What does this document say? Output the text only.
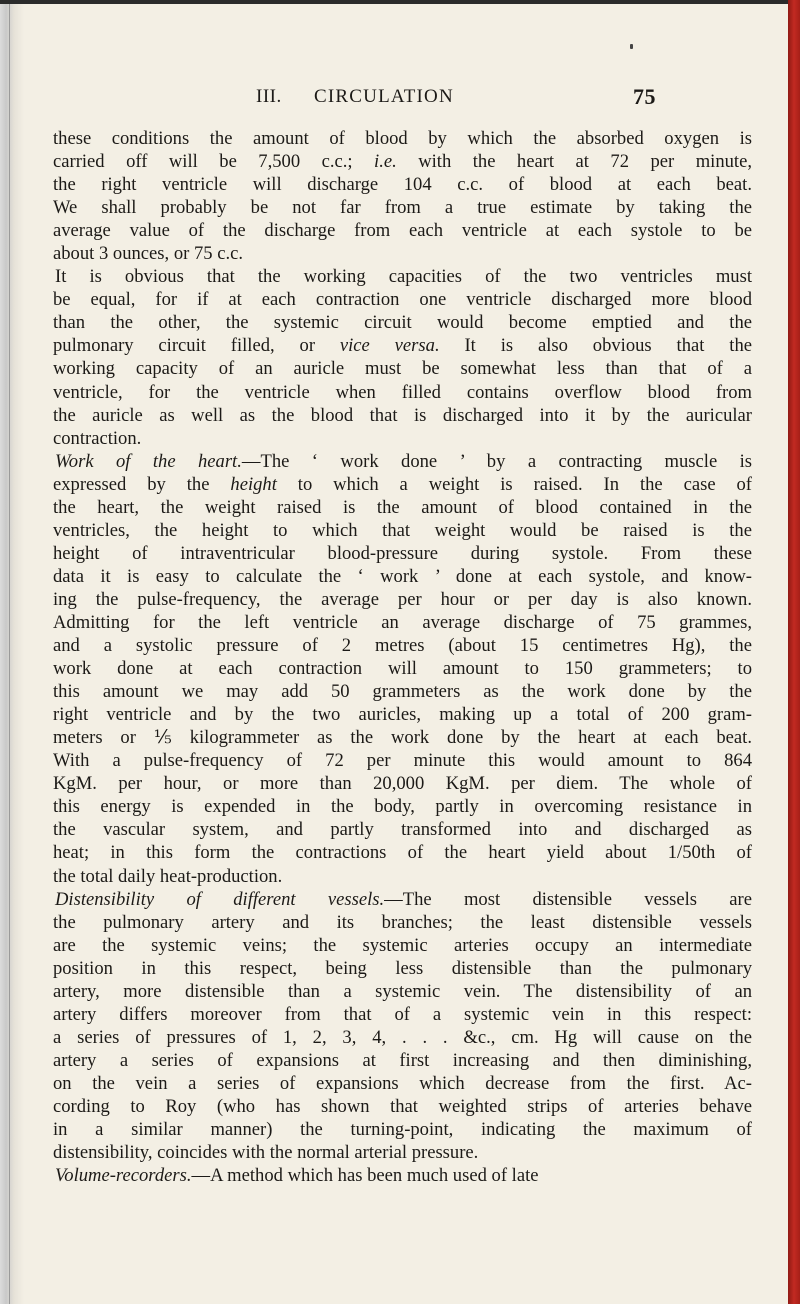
III. CIRCULATION	75
these conditions the amount of blood by which the absorbed oxygen is
carried off will be 7,500 c.c.; i.e. with the heart at 72 per minute,
the right ventricle will discharge 104 c.c. of blood at each beat.
We shall probably be not far from a true estimate by taking the
average value of the discharge from each ventricle at each systole to be
about 3 ounces, or 75 c.c.
It is obvious that the working capacities of the two ventricles must
be equal, for if at each contraction one ventricle discharged more blood
than the other, the systemic circuit would become emptied and the
pulmonary circuit filled, or vice versa. It is also obvious that the
working capacity of an auricle must be somewhat less than that of a
ventricle, for the ventricle when filled contains overflow blood from
the auricle as well as the blood that is discharged into it by the auricular
contraction.
Work of the heart.—The ‘ work done ’ by a contracting muscle is
expressed by the height to which a weight is raised. In the case of
the heart, the weight raised is the amount of blood contained in the
ventricles, the height to which that weight would be raised is the
height of intraventricular blood-pressure during systole. From these
data it is easy to calculate the ‘ work ’ done at each systole, and know-
ing the pulse-frequency, the average per hour or per day is also known.
Admitting for the left ventricle an average discharge of 75 grammes,
and a systolic pressure of 2 metres (about 15 centimetres Hg), the
work done at each contraction will amount to 150 grammeters; to
this amount we may add 50 grammeters as the work done by the
right ventricle and by the two auricles, making up a total of 200 gram-
meters or ⅕ kilogrammeter as the work done by the heart at each beat.
With a pulse-frequency of 72 per minute this would amount to 864
KgM. per hour, or more than 20,000 KgM. per diem. The whole of
this energy is expended in the body, partly in overcoming resistance in
the vascular system, and partly transformed into and discharged as
heat; in this form the contractions of the heart yield about 1/50th of
the total daily heat-production.
Distensibility of different vessels.—The most distensible vessels are
the pulmonary artery and its branches; the least distensible vessels
are the systemic veins; the systemic arteries occupy an intermediate
position in this respect, being less distensible than the pulmonary
artery, more distensible than a systemic vein. The distensibility of an
artery differs moreover from that of a systemic vein in this respect:
a series of pressures of 1, 2, 3, 4, . . . &c., cm. Hg will cause on the
artery a series of expansions at first increasing and then diminishing,
on the vein a series of expansions which decrease from the first. Ac-
cording to Roy (who has shown that weighted strips of arteries behave
in a similar manner) the turning-point, indicating the maximum of
distensibility, coincides with the normal arterial pressure.
Volume-recorders.—A method which has been much used of late
